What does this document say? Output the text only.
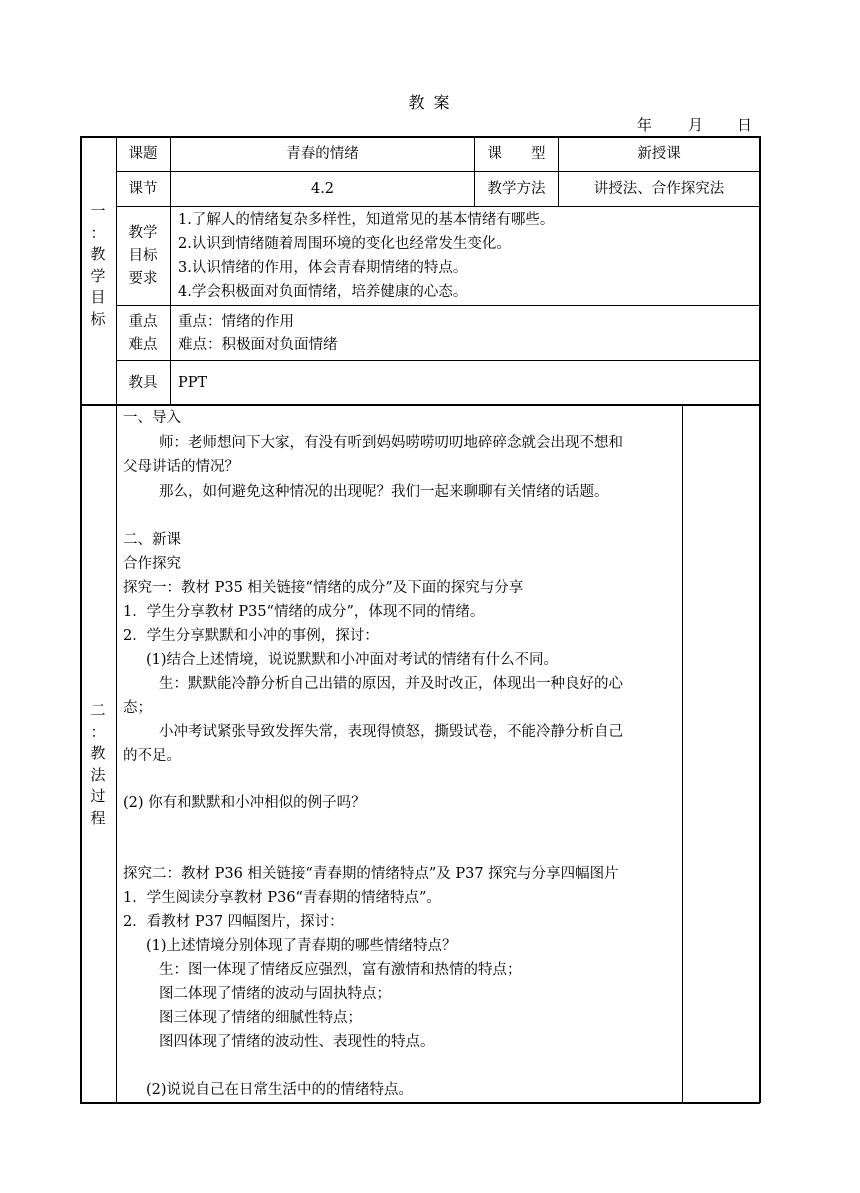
教 案
年 月 日
一
：
教
学
目
标
课题	青春的情绪	课　　型	新授课
课节	4.2	教学方法	讲授法、合作探究法
教学
目标
要求
1.了解人的情绪复杂多样性，知道常见的基本情绪有哪些。
2.认识到情绪随着周围环境的变化也经常发生变化。
3.认识情绪的作用，体会青春期情绪的特点。
4.学会积极面对负面情绪，培养健康的心态。
重点
难点
重点：情绪的作用
难点：积极面对负面情绪
教具	PPT
二
：
教
法
过
程
一、导入
师：老师想问下大家，有没有听到妈妈唠唠叨叨地碎碎念就会出现不想和
父母讲话的情况？
那么，如何避免这种情况的出现呢？我们一起来聊聊有关情绪的话题。
二、新课
合作探究
探究一：教材 P35 相关链接“情绪的成分”及下面的探究与分享
1．学生分享教材 P35“情绪的成分”，体现不同的情绪。
2．学生分享默默和小冲的事例，探讨：
(1)结合上述情境，说说默默和小冲面对考试的情绪有什么不同。
生：默默能冷静分析自己出错的原因，并及时改正，体现出一种良好的心
态；
小冲考试紧张导致发挥失常，表现得愤怒，撕毁试卷，不能冷静分析自己
的不足。
(2) 你有和默默和小冲相似的例子吗？
探究二：教材 P36 相关链接“青春期的情绪特点”及 P37 探究与分享四幅图片
1．学生阅读分享教材 P36“青春期的情绪特点”。
2．看教材 P37 四幅图片，探讨：
(1)上述情境分别体现了青春期的哪些情绪特点？
生：图一体现了情绪反应强烈，富有激情和热情的特点；
图二体现了情绪的波动与固执特点；
图三体现了情绪的细腻性特点；
图四体现了情绪的波动性、表现性的特点。
(2)说说自己在日常生活中的的情绪特点。
